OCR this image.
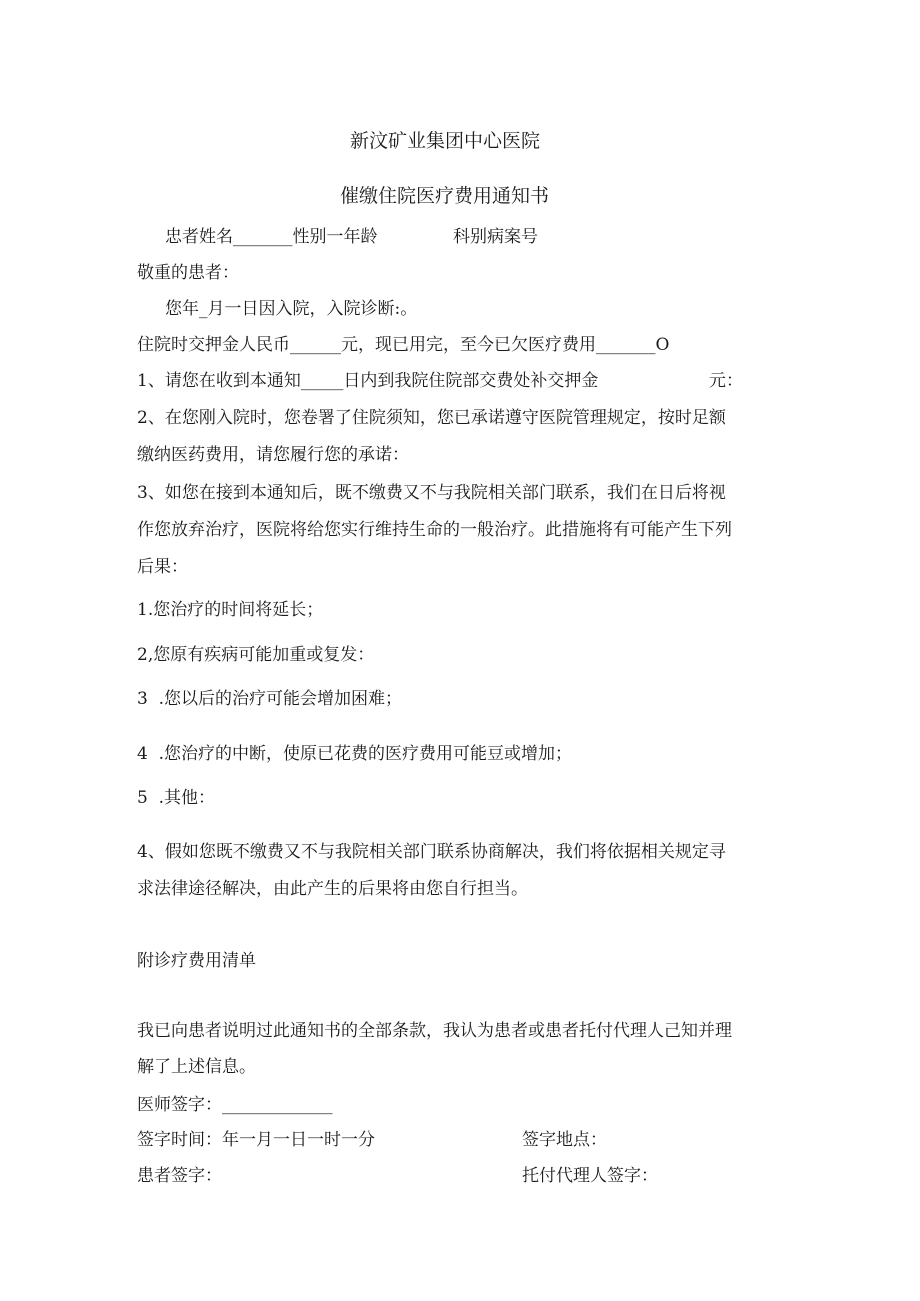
新汶矿业集团中心医院
催缴住院医疗费用通知书
忠者姓名_______性别一年龄	科别病案号
敬重的患者：
您年_月一日因入院，入院诊断:。
住院时交押金人民币______元，现已用完，至今已欠医疗费用_______O
1、请您在收到本通知_____日内到我院住院部交费处补交押金	元：
2、在您刚入院时，您卷署了住院须知，您已承诺遵守医院管理规定，按时足额
缴纳医药费用，请您履行您的承诺：
3、如您在接到本通知后，既不缴费又不与我院相关部门联系，我们在日后将视
作您放弃治疗，医院将给您实行维持生命的一般治疗。此措施将有可能产生下列
后果：
1.您治疗的时间将延长；
2,您原有疾病可能加重或复发：
3  .您以后的治疗可能会增加困难；
4  .您治疗的中断，使原已花费的医疗费用可能豆或增加；
5  .其他：
4、假如您既不缴费又不与我院相关部门联系协商解决，我们将依据相关规定寻
求法律途径解决，由此产生的后果将由您自行担当。
附诊疗费用清单
我已向患者说明过此通知书的全部条款，我认为患者或患者托付代理人己知并理
解了上述信息。
医师签字：_____________
签字时间：年一月一日一时一分	签字地点：
患者签字：	托付代理人签字：
